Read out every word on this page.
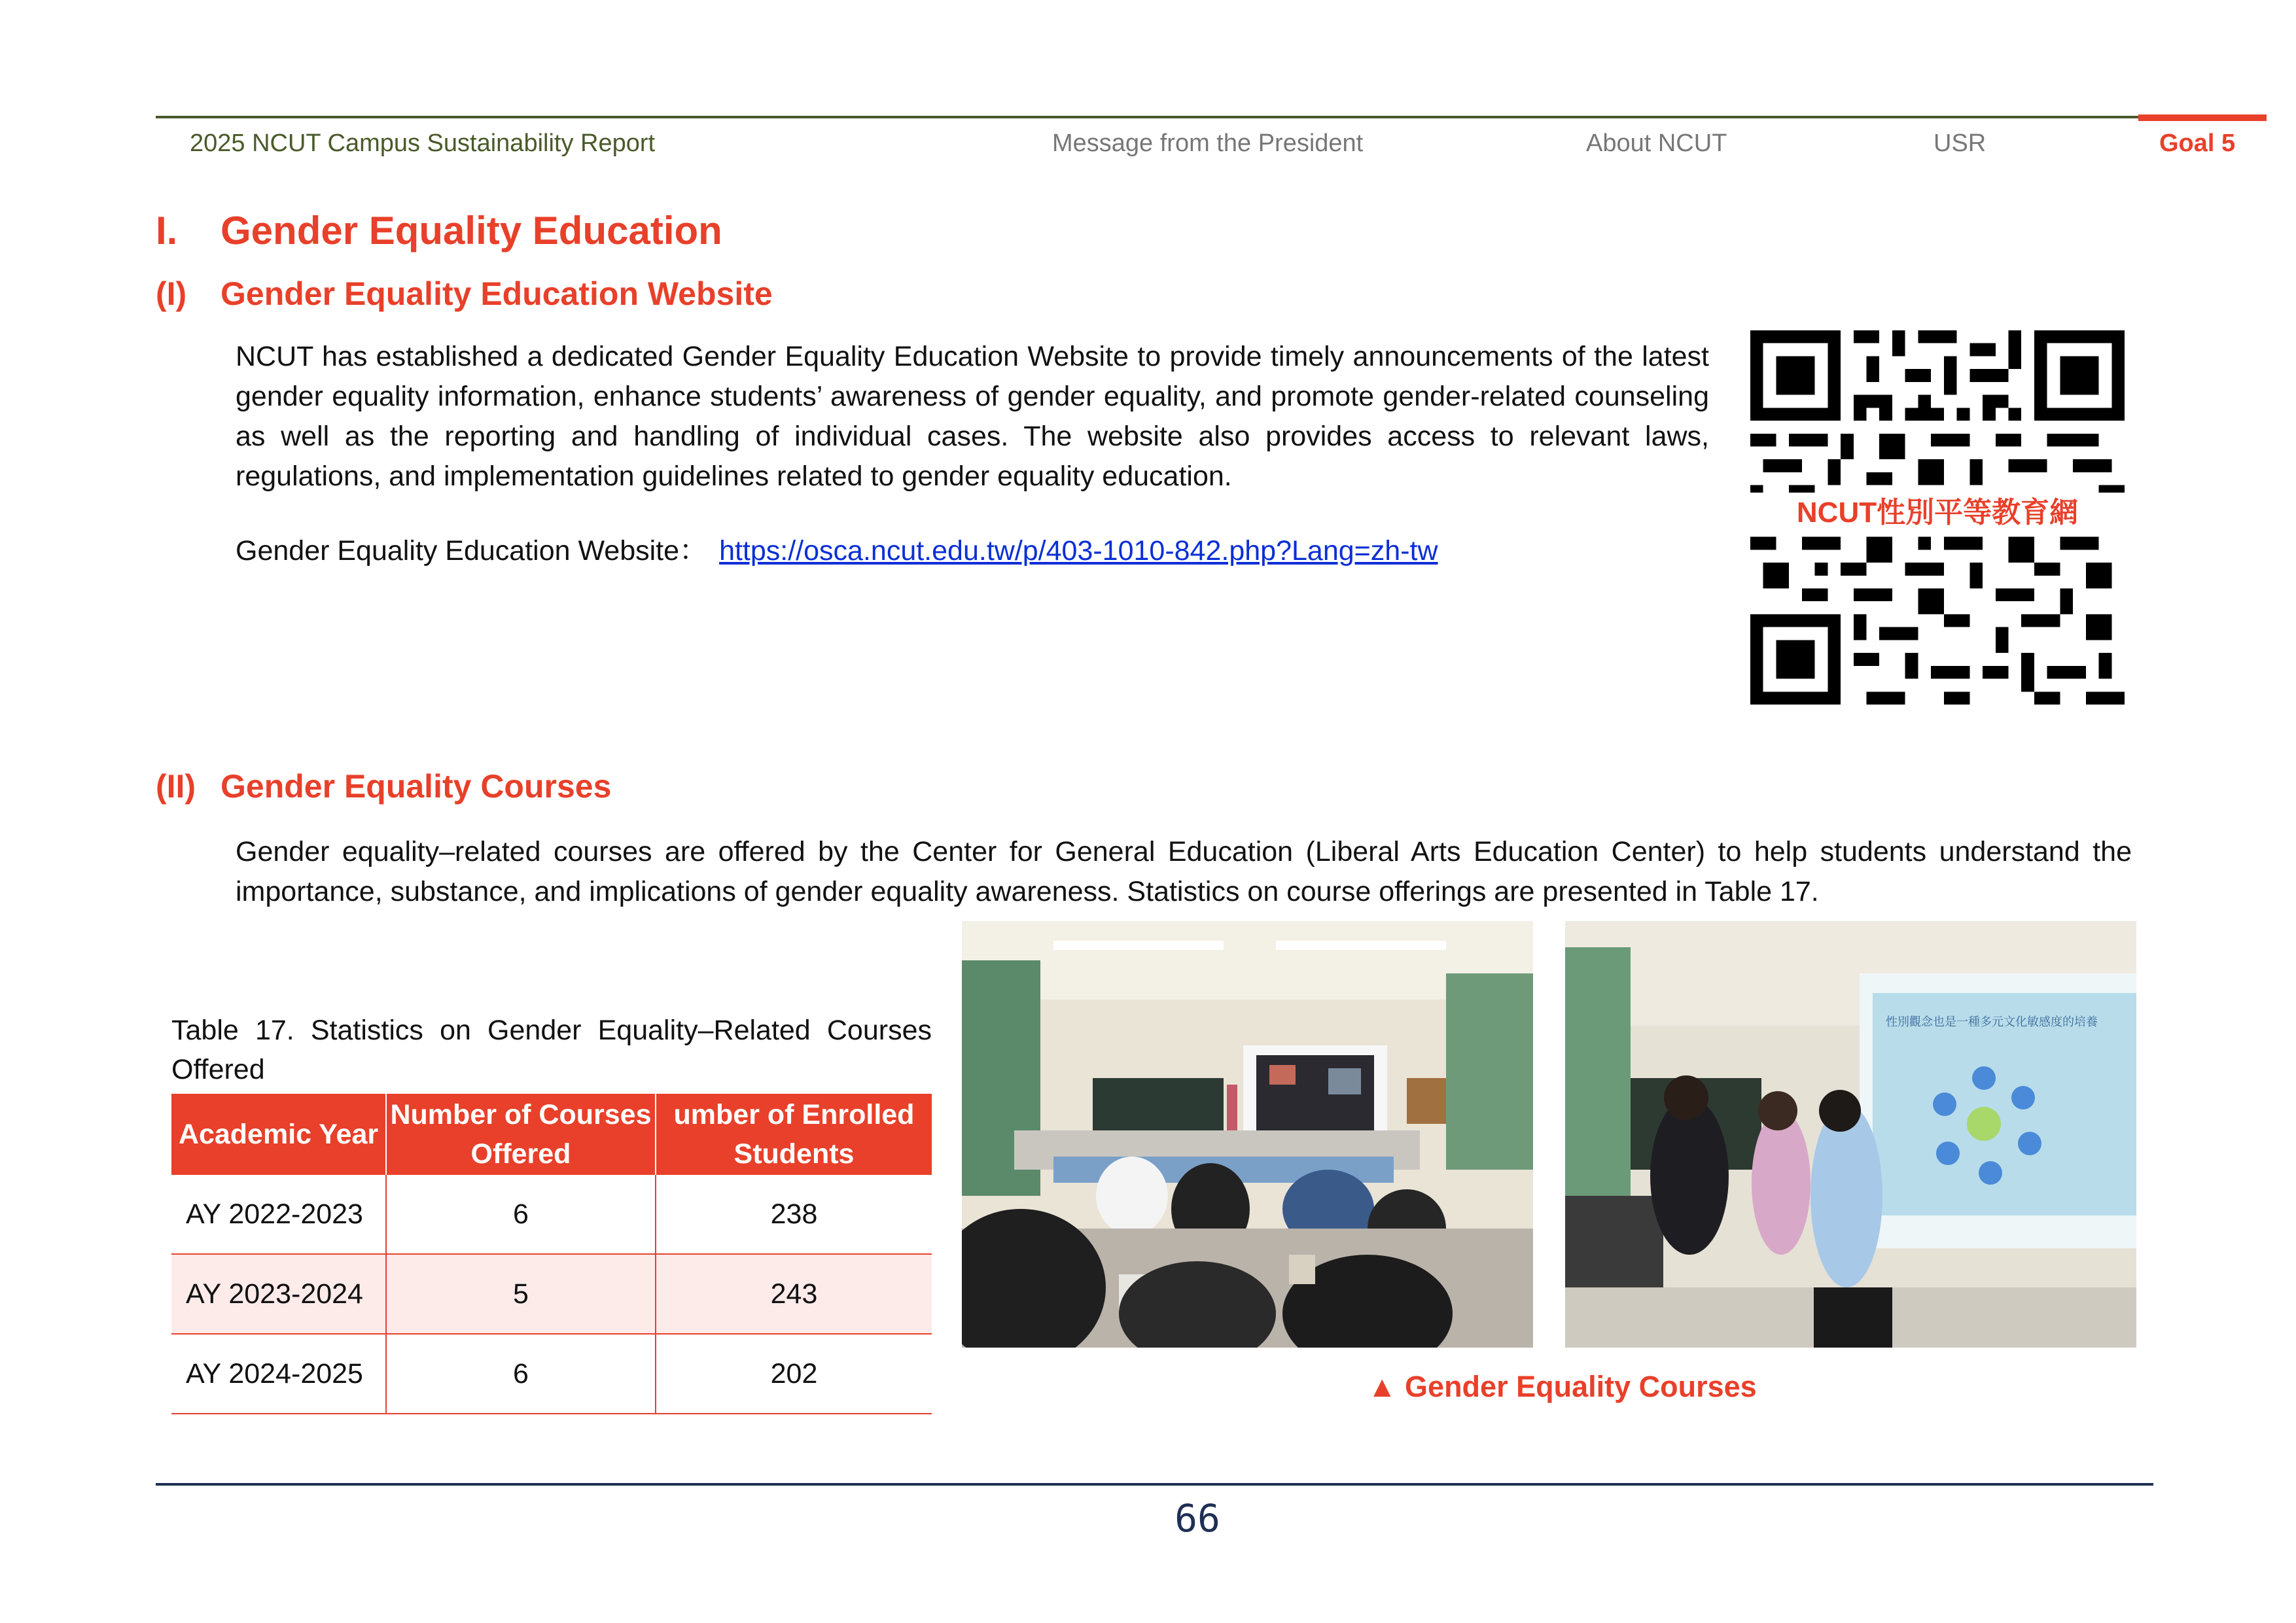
2025 NCUT Campus Sustainability Report	Message from the President	About NCUT	USR	Goal 5
I. Gender Equality Education
(I) Gender Equality Education Website
NCUT has established a dedicated Gender Equality Education Website to provide timely announcements of the latest gender equality information, enhance students’ awareness of gender equality, and promote gender-related counseling as well as the reporting and handling of individual cases. The website also provides access to relevant laws, regulations, and implementation guidelines related to gender equality education.
Gender Equality Education Website： https://osca.ncut.edu.tw/p/403-1010-842.php?Lang=zh-tw
NCUT性別平等教育網
(II) Gender Equality Courses
Gender equality–related courses are offered by the Center for General Education (Liberal Arts Education Center) to help students understand the importance, substance, and implications of gender equality awareness. Statistics on course offerings are presented in Table 17.
Table 17. Statistics on Gender Equality–Related Courses Offered
Academic Year	Number of Courses Offered	umber of Enrolled Students
AY 2022-2023	6	238
AY 2023-2024	5	243
AY 2024-2025	6	202
性別觀念也是一種多元文化敏感度的培養
▲ Gender Equality Courses
66
